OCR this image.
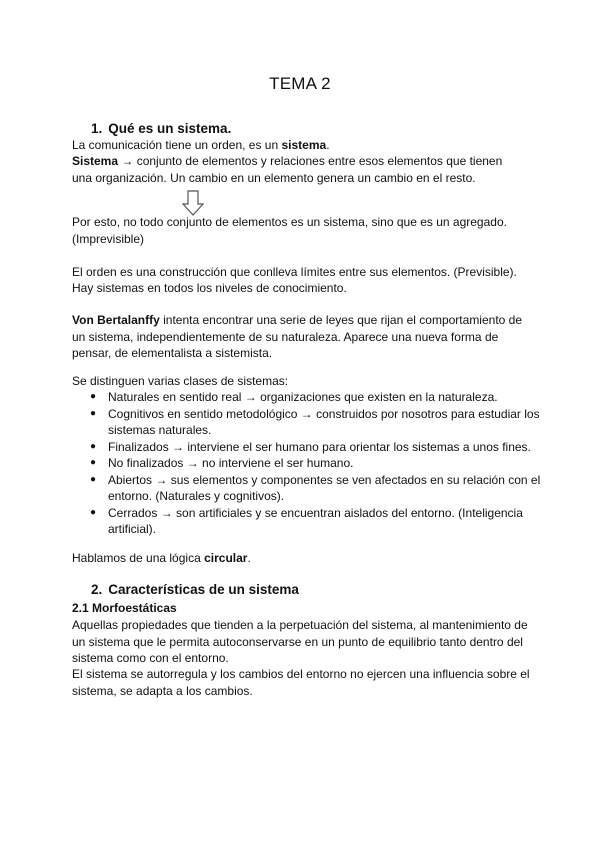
TEMA 2
1. Qué es un sistema.
La comunicación tiene un orden, es un sistema.
Sistema → conjunto de elementos y relaciones entre esos elementos que tienen una organización. Un cambio en un elemento genera un cambio en el resto.
Por esto, no todo conjunto de elementos es un sistema, sino que es un agregado. (Imprevisible)
El orden es una construcción que conlleva límites entre sus elementos. (Previsible).
Hay sistemas en todos los niveles de conocimiento.
Von Bertalanffy intenta encontrar una serie de leyes que rijan el comportamiento de un sistema, independientemente de su naturaleza. Aparece una nueva forma de pensar, de elementalista a sistemista.
Se distinguen varias clases de sistemas:
● Naturales en sentido real → organizaciones que existen en la naturaleza.
● Cognitivos en sentido metodológico → construidos por nosotros para estudiar los sistemas naturales.
● Finalizados → interviene el ser humano para orientar los sistemas a unos fines.
● No finalizados → no interviene el ser humano.
● Abiertos → sus elementos y componentes se ven afectados en su relación con el entorno. (Naturales y cognitivos).
● Cerrados → son artificiales y se encuentran aislados del entorno. (Inteligencia artificial).
Hablamos de una lógica circular.
2. Características de un sistema
2.1 Morfoestáticas
Aquellas propiedades que tienden a la perpetuación del sistema, al mantenimiento de un sistema que le permita autoconservarse en un punto de equilibrio tanto dentro del sistema como con el entorno.
El sistema se autorregula y los cambios del entorno no ejercen una influencia sobre el sistema, se adapta a los cambios.
